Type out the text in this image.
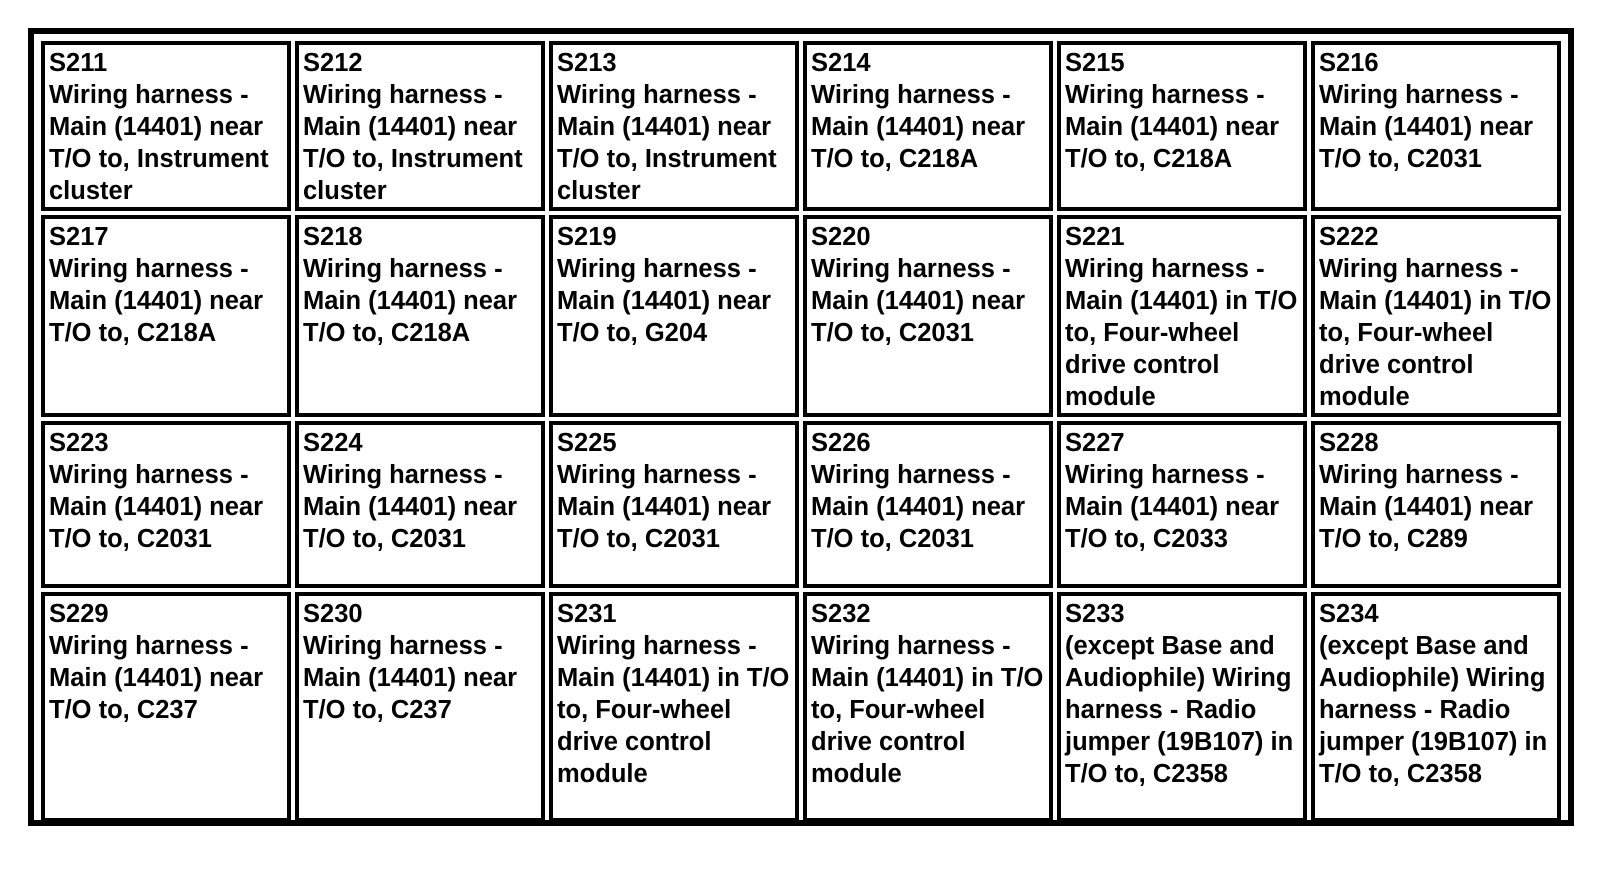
S211
Wiring harness - Main (14401) near T/O to, Instrument cluster	S212
Wiring harness - Main (14401) near T/O to, Instrument cluster	S213
Wiring harness - Main (14401) near T/O to, Instrument cluster	S214
Wiring harness - Main (14401) near T/O to, C218A	S215
Wiring harness - Main (14401) near T/O to, C218A	S216
Wiring harness - Main (14401) near T/O to, C2031

S217
Wiring harness - Main (14401) near T/O to, C218A	S218
Wiring harness - Main (14401) near T/O to, C218A	S219
Wiring harness - Main (14401) near T/O to, G204	S220
Wiring harness - Main (14401) near T/O to, C2031	S221
Wiring harness - Main (14401) in T/O to, Four-wheel drive control module	S222
Wiring harness - Main (14401) in T/O to, Four-wheel drive control module

S223
Wiring harness - Main (14401) near T/O to, C2031	S224
Wiring harness - Main (14401) near T/O to, C2031	S225
Wiring harness - Main (14401) near T/O to, C2031	S226
Wiring harness - Main (14401) near T/O to, C2031	S227
Wiring harness - Main (14401) near T/O to, C2033	S228
Wiring harness - Main (14401) near T/O to, C289

S229
Wiring harness - Main (14401) near T/O to, C237	S230
Wiring harness - Main (14401) near T/O to, C237	S231
Wiring harness - Main (14401) in T/O to, Four-wheel drive control module	S232
Wiring harness - Main (14401) in T/O to, Four-wheel drive control module	S233
(except Base and Audiophile) Wiring harness - Radio jumper (19B107) in T/O to, C2358	S234
(except Base and Audiophile) Wiring harness - Radio jumper (19B107) in T/O to, C2358
